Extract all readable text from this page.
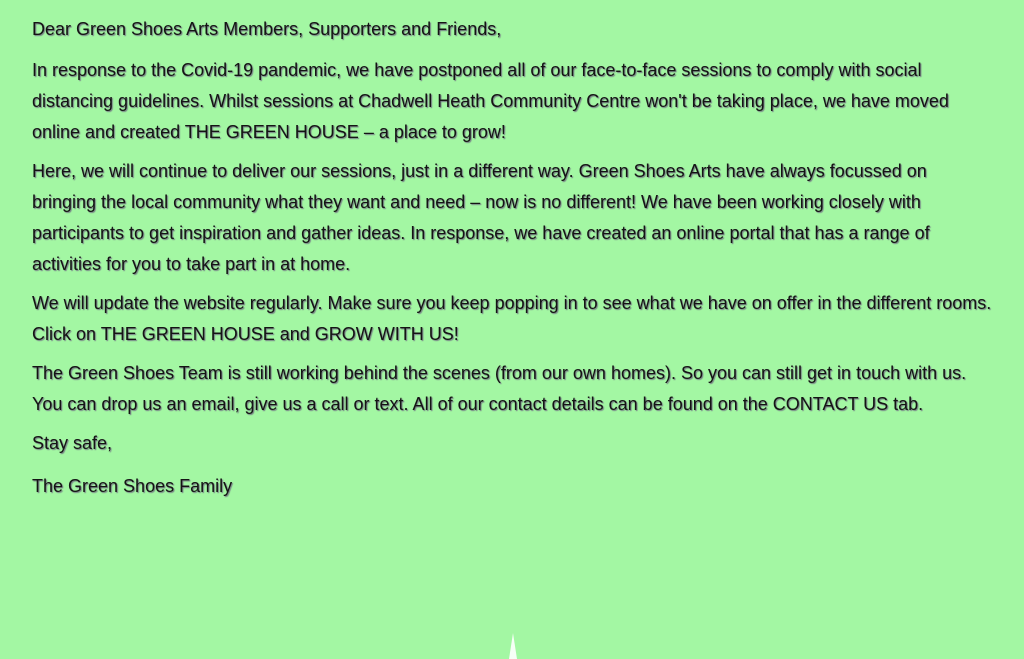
Dear Green Shoes Arts Members, Supporters and Friends,

In response to the Covid-19 pandemic, we have postponed all of our face-to-face sessions to comply with social distancing guidelines. Whilst sessions at Chadwell Heath Community Centre won't be taking place, we have moved online and created THE GREEN HOUSE – a place to grow!

Here, we will continue to deliver our sessions, just in a different way. Green Shoes Arts have always focussed on bringing the local community what they want and need – now is no different! We have been working closely with participants to get inspiration and gather ideas. In response, we have created an online portal that has a range of activities for you to take part in at home.

We will update the website regularly. Make sure you keep popping in to see what we have on offer in the different rooms. Click on THE GREEN HOUSE and GROW WITH US!

The Green Shoes Team is still working behind the scenes (from our own homes). So you can still get in touch with us. You can drop us an email, give us a call or text. All of our contact details can be found on the CONTACT US tab.

Stay safe,

The Green Shoes Family
